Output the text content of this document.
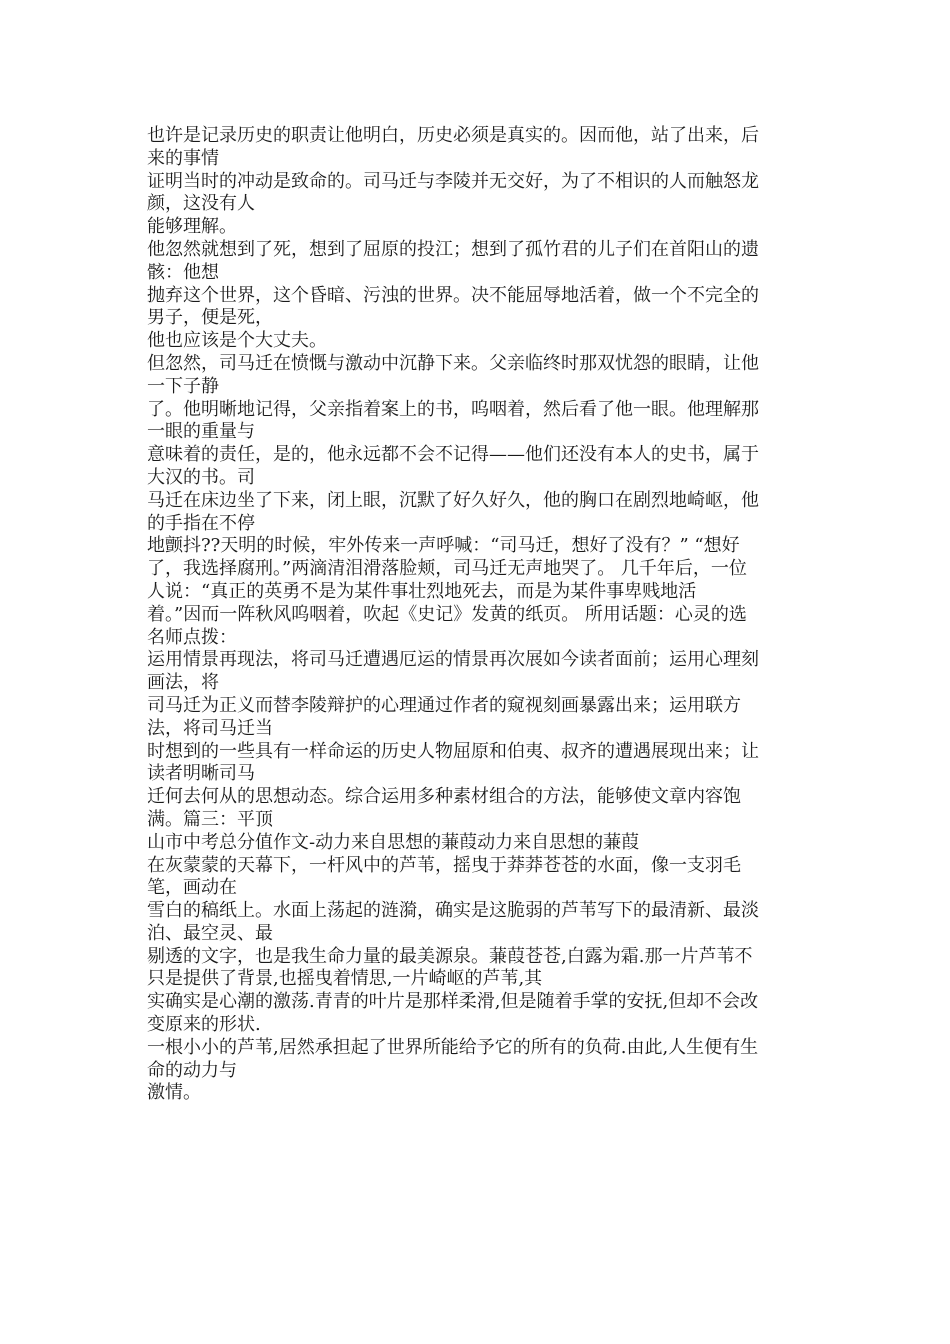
也许是记录历史的职责让他明白，历史必须是真实的。因而他，站了出来，后
来的事情
证明当时的冲动是致命的。司马迁与李陵并无交好，为了不相识的人而触怒龙
颜，这没有人
能够理解。
他忽然就想到了死，想到了屈原的投江；想到了孤竹君的儿子们在首阳山的遗
骸：他想
抛弃这个世界，这个昏暗、污浊的世界。决不能屈辱地活着，做一个不完全的
男子，便是死，
他也应该是个大丈夫。
但忽然，司马迁在愤慨与激动中沉静下来。父亲临终时那双忧怨的眼睛，让他
一下子静
了。他明晰地记得，父亲指着案上的书，呜咽着，然后看了他一眼。他理解那
一眼的重量与
意味着的责任，是的，他永远都不会不记得——他们还没有本人的史书，属于
大汉的书。司
马迁在床边坐了下来，闭上眼，沉默了好久好久，他的胸口在剧烈地崎岖，他
的手指在不停
地颤抖??天明的时候，牢外传来一声呼喊：“司马迁，想好了没有？” “想好
了，我选择腐刑。”两滴清泪滑落脸颊，司马迁无声地哭了。 几千年后，一位
人说：“真正的英勇不是为某件事壮烈地死去，而是为某件事卑贱地活
着。”因而一阵秋风呜咽着，吹起《史记》发黄的纸页。 所用话题：心灵的选
名师点拨：
运用情景再现法，将司马迁遭遇厄运的情景再次展如今读者面前；运用心理刻
画法，将
司马迁为正义而替李陵辩护的心理通过作者的窥视刻画暴露出来；运用联方
法，将司马迁当
时想到的一些具有一样命运的历史人物屈原和伯夷、叔齐的遭遇展现出来；让
读者明晰司马
迁何去何从的思想动态。综合运用多种素材组合的方法，能够使文章内容饱
满。篇三：平顶
山市中考总分值作文-动力来自思想的蒹葭动力来自思想的蒹葭
在灰蒙蒙的天幕下，一杆风中的芦苇，摇曳于莽莽苍苍的水面，像一支羽毛
笔，画动在
雪白的稿纸上。水面上荡起的涟漪，确实是这脆弱的芦苇写下的最清新、最淡
泊、最空灵、最
剔透的文字，也是我生命力量的最美源泉。蒹葭苍苍,白露为霜.那一片芦苇不
只是提供了背景,也摇曳着情思,一片崎岖的芦苇,其
实确实是心潮的激荡.青青的叶片是那样柔滑,但是随着手掌的安抚,但却不会改
变原来的形状.
一根小小的芦苇,居然承担起了世界所能给予它的所有的负荷.由此,人生便有生
命的动力与
激情。
